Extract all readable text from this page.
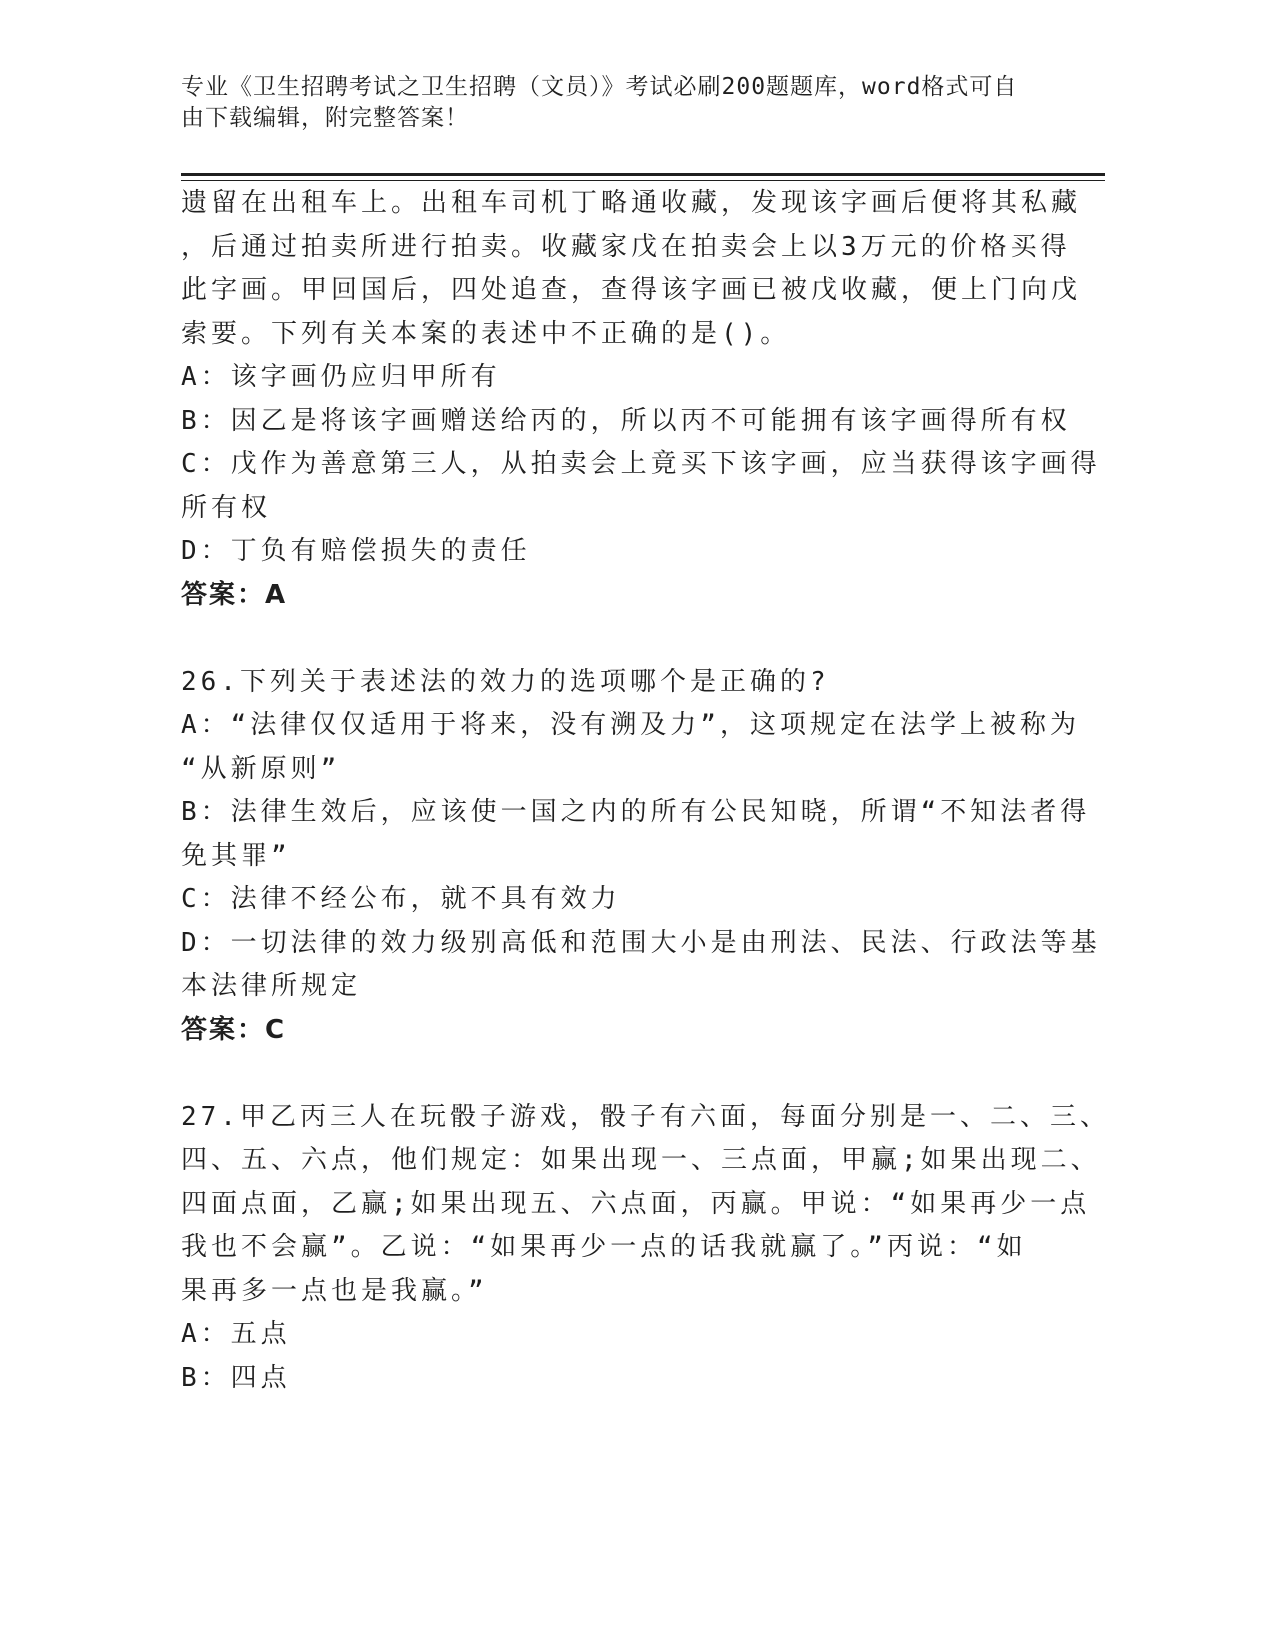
专业《卫生招聘考试之卫生招聘（文员）》考试必刷200题题库，word格式可自
由下载编辑，附完整答案！
遗留在出租车上。出租车司机丁略通收藏，发现该字画后便将其私藏
，后通过拍卖所进行拍卖。收藏家戊在拍卖会上以3万元的价格买得
此字画。甲回国后，四处追查，查得该字画已被戊收藏，便上门向戊
索要。下列有关本案的表述中不正确的是()。
A：该字画仍应归甲所有
B：因乙是将该字画赠送给丙的，所以丙不可能拥有该字画得所有权
C：戊作为善意第三人，从拍卖会上竟买下该字画，应当获得该字画得
所有权
D：丁负有赔偿损失的责任
答案：A
26.下列关于表述法的效力的选项哪个是正确的?
A：“法律仅仅适用于将来，没有溯及力”，这项规定在法学上被称为
“从新原则”
B：法律生效后，应该使一国之内的所有公民知晓，所谓“不知法者得
免其罪”
C：法律不经公布，就不具有效力
D：一切法律的效力级别高低和范围大小是由刑法、民法、行政法等基
本法律所规定
答案：C
27.甲乙丙三人在玩骰子游戏，骰子有六面，每面分别是一、二、三、
四、五、六点，他们规定：如果出现一、三点面，甲赢;如果出现二、
四面点面，乙赢;如果出现五、六点面，丙赢。甲说：“如果再少一点
我也不会赢”。乙说：“如果再少一点的话我就赢了。”丙说：“如
果再多一点也是我赢。”
A：五点
B：四点
